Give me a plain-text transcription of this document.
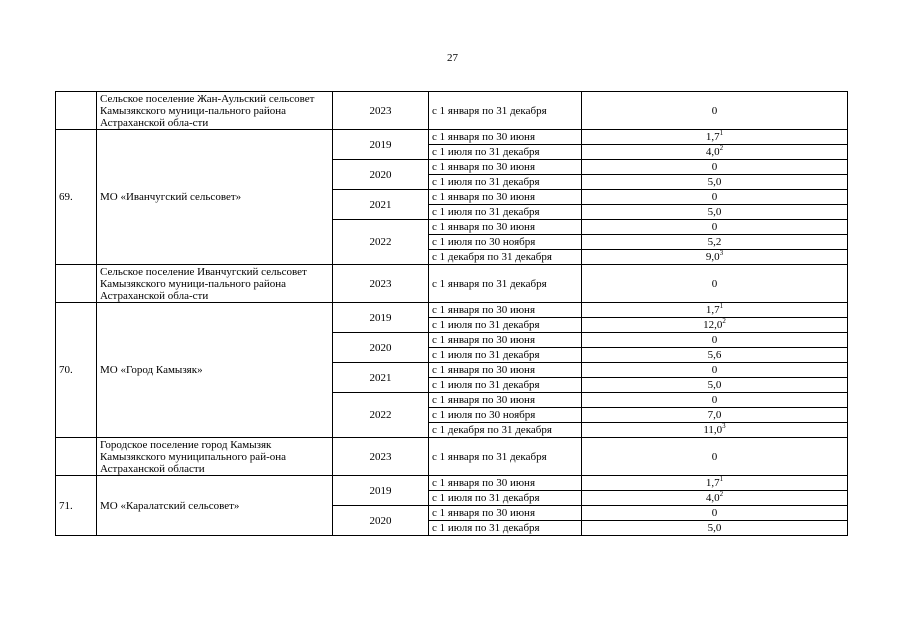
27
	Сельское поселение Жан-Аульский сельсовет Камызякского муници-пального района Астраханской обла-сти	2023	с 1 января по 31 декабря	0
69.	МО «Иванчугский сельсовет»	2019	с 1 января по 30 июня	$1,7^1$
			с 1 июля по 31 декабря	$4,0^2$
		2020	с 1 января по 30 июня	0
			с 1 июля по 31 декабря	5,0
		2021	с 1 января по 30 июня	0
			с 1 июля по 31 декабря	5,0
		2022	с 1 января по 30 июня	0
			с 1 июля по 30 ноября	5,2
			с 1 декабря по 31 декабря	$9,0^3$
	Сельское поселение Иванчугский сельсовет Камызякского муници-пального района Астраханской обла-сти	2023	с 1 января по 31 декабря	0
70.	МО «Город Камызяк»	2019	с 1 января по 30 июня	$1,7^1$
			с 1 июля по 31 декабря	12,0$^2$
		2020	с 1 января по 30 июня	0
			с 1 июля по 31 декабря	5,6
		2021	с 1 января по 30 июня	0
			с 1 июля по 31 декабря	5,0
		2022	с 1 января по 30 июня	0
			с 1 июля по 30 ноября	7,0
			с 1 декабря по 31 декабря	11,0$^3$
	Городское поселение город Камызяк Камызякского муниципального рай-она Астраханской области	2023	с 1 января по 31 декабря	0
71.	МО «Каралатский сельсовет»	2019	с 1 января по 30 июня	$1,7^1$
			с 1 июля по 31 декабря	$4,0^2$
		2020	с 1 января по 30 июня	0
			с 1 июля по 31 декабря	5,0
